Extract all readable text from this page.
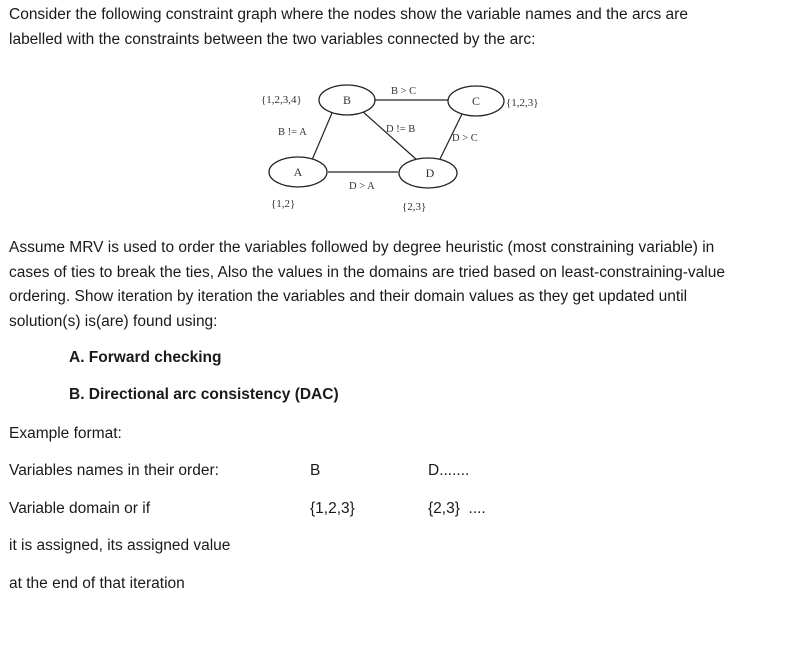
Consider the following constraint graph where the nodes show the variable names and the arcs are
labelled with the constraints between the two variables connected by the arc:
B	C
A	D
{1,2,3,4}	{1,2,3}
{1,2}	{2,3}
B > C
B != A	D != B
D > C
D > A
Assume MRV is used to order the variables followed by degree heuristic (most constraining variable) in
cases of ties to break the ties, Also the values in the domains are tried based on least-constraining-value
ordering. Show iteration by iteration the variables and their domain values as they get updated until
solution(s) is(are) found using:
A. Forward checking
B. Directional arc consistency (DAC)
Example format:
Variables names in their order:	B	D.......
Variable domain or if	{1,2,3}	{2,3}  ....
it is assigned, its assigned value
at the end of that iteration
